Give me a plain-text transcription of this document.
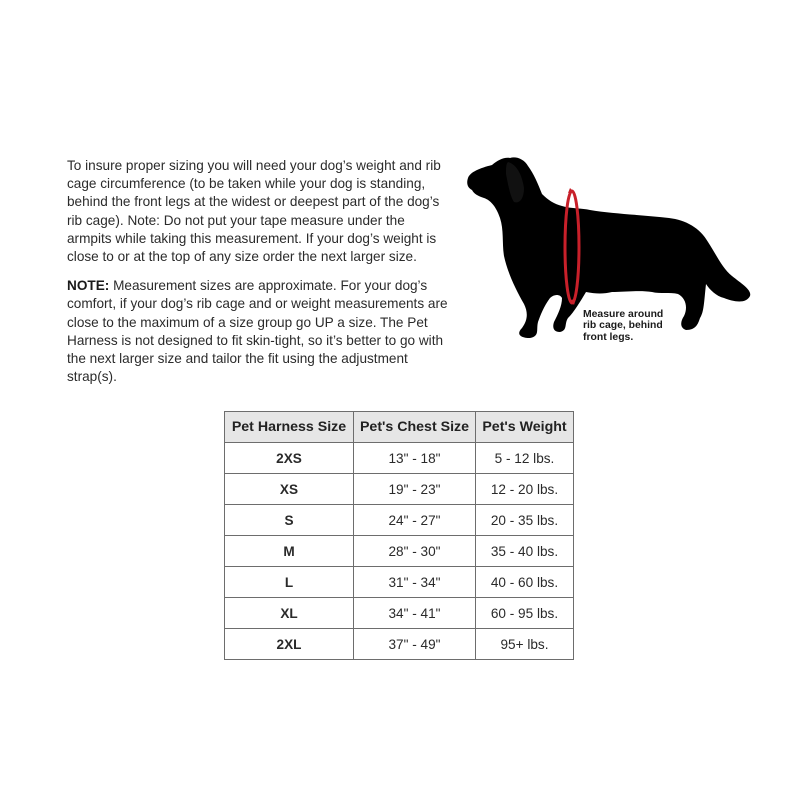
To insure proper sizing you will need your dog’s weight and rib cage circumference (to be taken while your dog is standing, behind the front legs at the widest or deepest part of the dog’s rib cage). Note: Do not put your tape measure under the armpits while taking this measurement. If your dog’s weight is close to or at the top of any size order the next larger size.

NOTE: Measurement sizes are approximate. For your dog’s comfort, if your dog’s rib cage and or weight measurements are close to the maximum of a size group go UP a size. The Pet Harness is not designed to fit skin-tight, so it’s better to go with the next larger size and tailor the fit using the adjustment strap(s).

Measure around
rib cage, behind
front legs.
Pet Harness Size	Pet's Chest Size	Pet's Weight
2XS	13" - 18"	5 - 12 lbs.
XS	19" - 23"	12 - 20 lbs.
S	24" - 27"	20 - 35 lbs.
M	28" - 30"	35 - 40 lbs.
L	31" - 34"	40 - 60 lbs.
XL	34" - 41"	60 - 95 lbs.
2XL	37" - 49"	95+ lbs.
